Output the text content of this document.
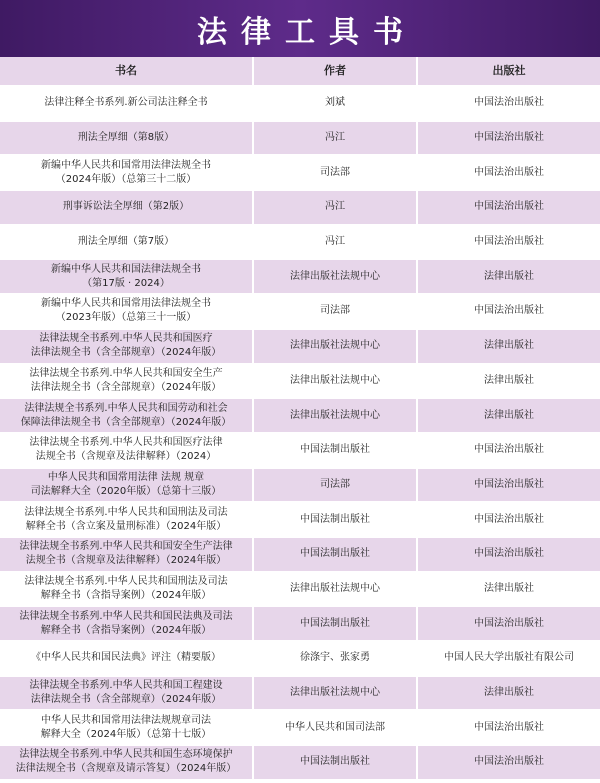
法律工具书
书名	作者	出版社
法律注释全书系列.新公司法注释全书	刘斌	中国法治出版社
刑法全厚细（第8版）	冯江	中国法治出版社
新编中华人民共和国常用法律法规全书
（2024年版）（总第三十二版）
司法部	中国法治出版社
刑事诉讼法全厚细（第2版）	冯江	中国法治出版社
刑法全厚细（第7版）	冯江	中国法治出版社
新编中华人民共和国法律法规全书
（第17版 · 2024）
法律出版社法规中心	法律出版社
新编中华人民共和国常用法律法规全书
（2023年版）（总第三十一版）
司法部	中国法治出版社
法律法规全书系列.中华人民共和国医疗
法律法规全书（含全部规章）（2024年版）
法律出版社法规中心	法律出版社
法律法规全书系列.中华人民共和国安全生产
法律法规全书（含全部规章）（2024年版）
法律出版社法规中心	法律出版社
法律法规全书系列.中华人民共和国劳动和社会
保障法律法规全书（含全部规章）（2024年版）
法律出版社法规中心	法律出版社
法律法规全书系列.中华人民共和国医疗法律
法规全书（含规章及法律解释）（2024）
中国法制出版社	中国法治出版社
中华人民共和国常用法律 法规 规章
司法解释大全（2020年版）（总第十三版）
司法部	中国法治出版社
法律法规全书系列.中华人民共和国刑法及司法
解释全书（含立案及量刑标准）（2024年版）
中国法制出版社	中国法治出版社
法律法规全书系列.中华人民共和国安全生产法律
法规全书（含规章及法律解释）（2024年版）
中国法制出版社	中国法治出版社
法律法规全书系列.中华人民共和国刑法及司法
解释全书（含指导案例）（2024年版）
法律出版社法规中心	法律出版社
法律法规全书系列.中华人民共和国民法典及司法
解释全书（含指导案例）（2024年版）
中国法制出版社	中国法治出版社
《中华人民共和国民法典》评注（精要版）	徐涤宇、张家勇	中国人民大学出版社有限公司
法律法规全书系列.中华人民共和国工程建设
法律法规全书（含全部规章）（2024年版）
法律出版社法规中心	法律出版社
中华人民共和国常用法律法规规章司法
解释大全（2024年版）（总第十七版）
中华人民共和国司法部	中国法治出版社
法律法规全书系列.中华人民共和国生态环境保护
法律法规全书（含规章及请示答复）（2024年版）
中国法制出版社	中国法治出版社
